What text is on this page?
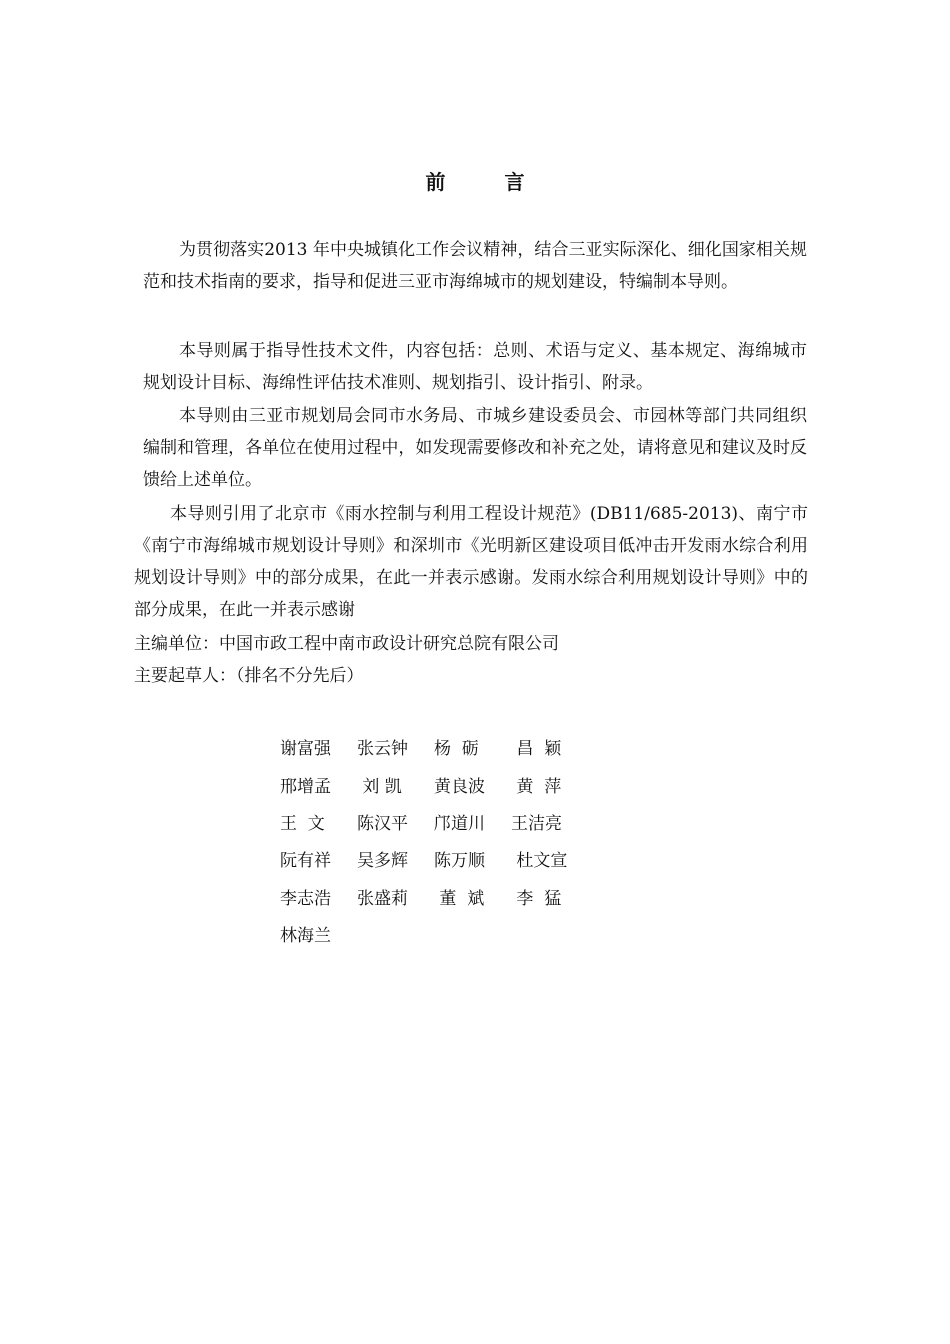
前 言

为贯彻落实2013 年中央城镇化工作会议精神，结合三亚实际深化、细化国家相关规范和技术指南的要求，指导和促进三亚市海绵城市的规划建设，特编制本导则。

本导则属于指导性技术文件，内容包括：总则、术语与定义、基本规定、海绵城市规划设计目标、海绵性评估技术准则、规划指引、设计指引、附录。

本导则由三亚市规划局会同市水务局、市城乡建设委员会、市园林等部门共同组织编制和管理，各单位在使用过程中，如发现需要修改和补充之处，请将意见和建议及时反馈给上述单位。

本导则引用了北京市《雨水控制与利用工程设计规范》(DB11/685-2013)、南宁市《南宁市海绵城市规划设计导则》和深圳市《光明新区建设项目低冲击开发雨水综合利用规划设计导则》中的部分成果，在此一并表示感谢。发雨水综合利用规划设计导则》中的部分成果，在此一并表示感谢

主编单位：中国市政工程中南市政设计研究总院有限公司

主要起草人：（排名不分先后）

谢富强	张云钟	杨  砺	昌  颖
邢增孟	刘 凯	黄良波	黄  萍
王  文	陈汉平	邝道川	王洁亮
阮有祥	吴多辉	陈万顺	杜文宣
李志浩	张盛莉	董  斌	李  猛
林海兰
